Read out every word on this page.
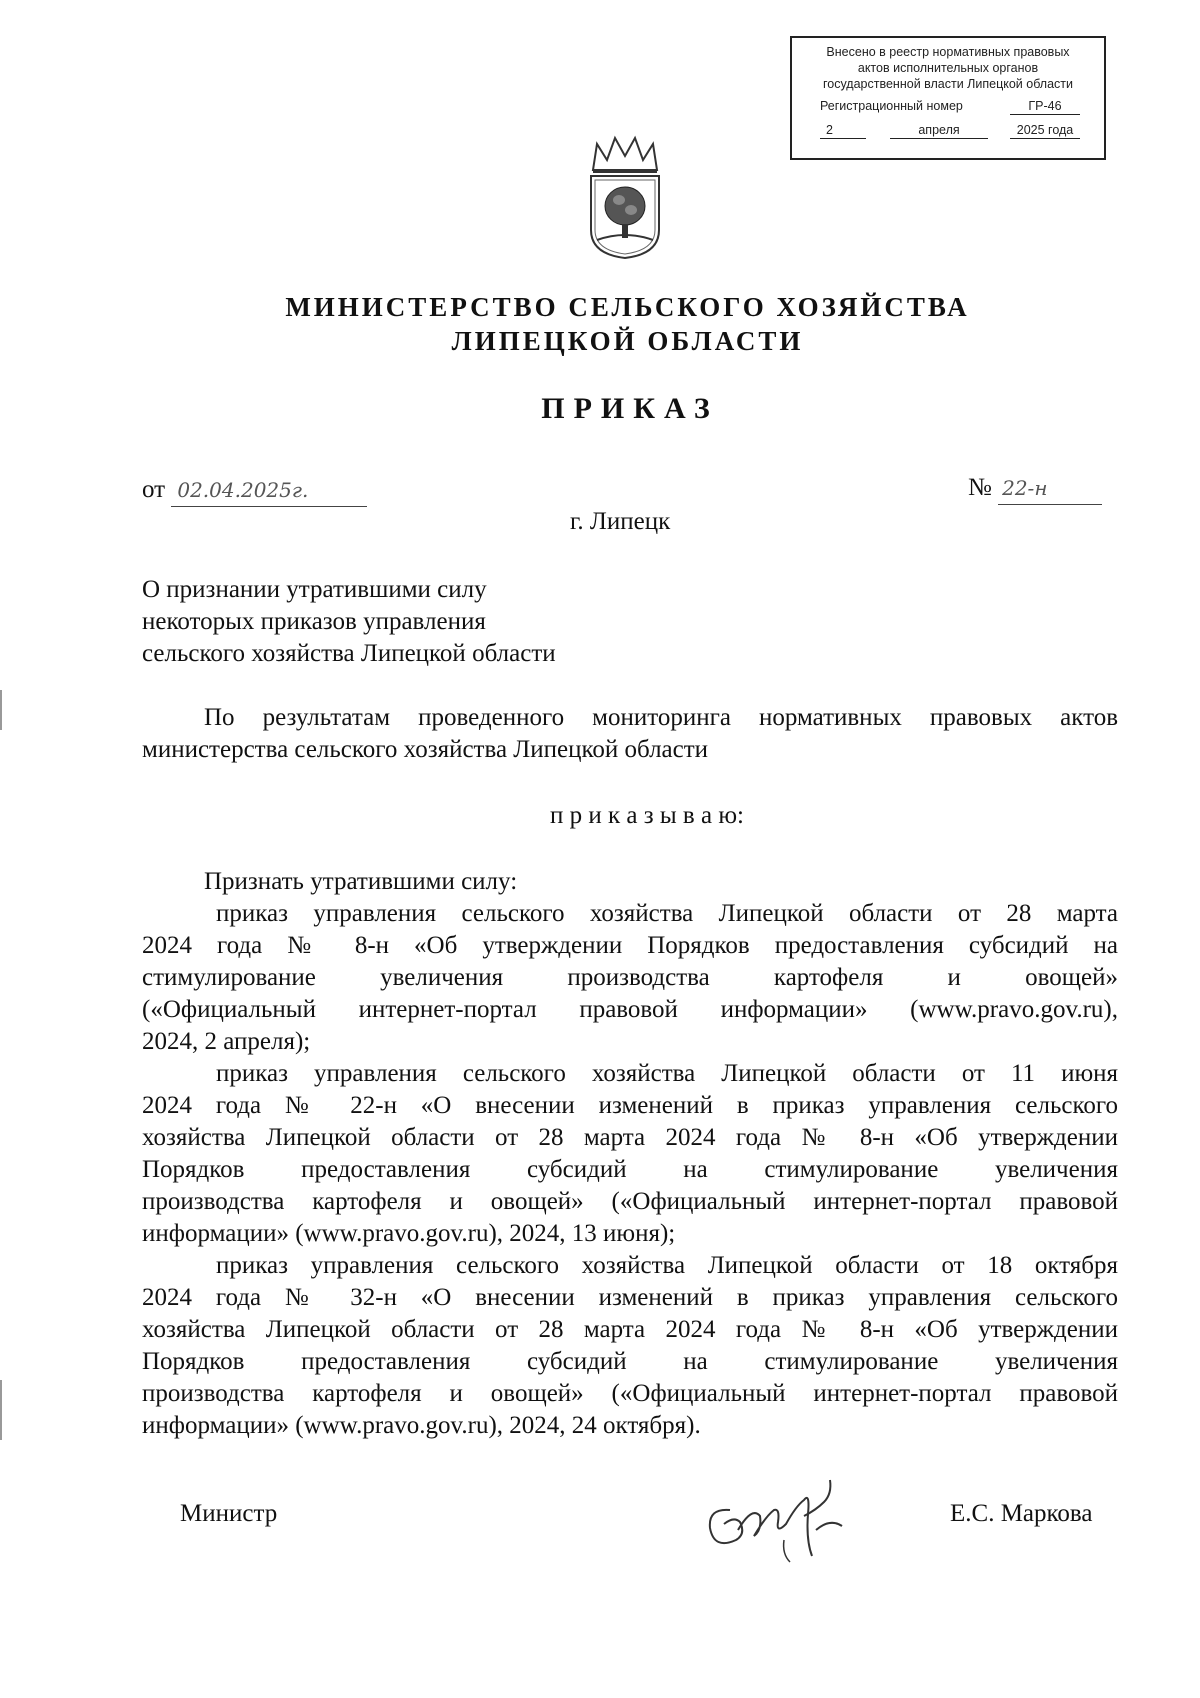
Внесено в реестр нормативных правовых
актов исполнительных органов
государственной власти Липецкой области
Регистрационный номер	ГР-46
2	апреля	2025 года
МИНИСТЕРСТВО СЕЛЬСКОГО ХОЗЯЙСТВА
ЛИПЕЦКОЙ ОБЛАСТИ
ПРИКАЗ
от 02.04.2025г.	№ 22-н
г. Липецк
О признании утратившими силу
некоторых приказов управления
сельского хозяйства Липецкой области
По результатам проведенного мониторинга нормативных правовых актов
министерства сельского хозяйства Липецкой области
п р и к а з ы в а ю:
Признать утратившими силу:
приказ управления сельского хозяйства Липецкой области от 28 марта
2024 года № 8-н «Об утверждении Порядков предоставления субсидий на
стимулирование увеличения производства картофеля и овощей»
(«Официальный интернет-портал правовой информации» (www.pravo.gov.ru),
2024, 2 апреля);
приказ управления сельского хозяйства Липецкой области от 11 июня
2024 года № 22-н «О внесении изменений в приказ управления сельского
хозяйства Липецкой области от 28 марта 2024 года № 8-н «Об утверждении
Порядков предоставления субсидий на стимулирование увеличения
производства картофеля и овощей» («Официальный интернет-портал правовой
информации» (www.pravo.gov.ru), 2024, 13 июня);
приказ управления сельского хозяйства Липецкой области от 18 октября
2024 года № 32-н «О внесении изменений в приказ управления сельского
хозяйства Липецкой области от 28 марта 2024 года № 8-н «Об утверждении
Порядков предоставления субсидий на стимулирование увеличения
производства картофеля и овощей» («Официальный интернет-портал правовой
информации» (www.pravo.gov.ru), 2024, 24 октября).
Министр	Е.С. Маркова
